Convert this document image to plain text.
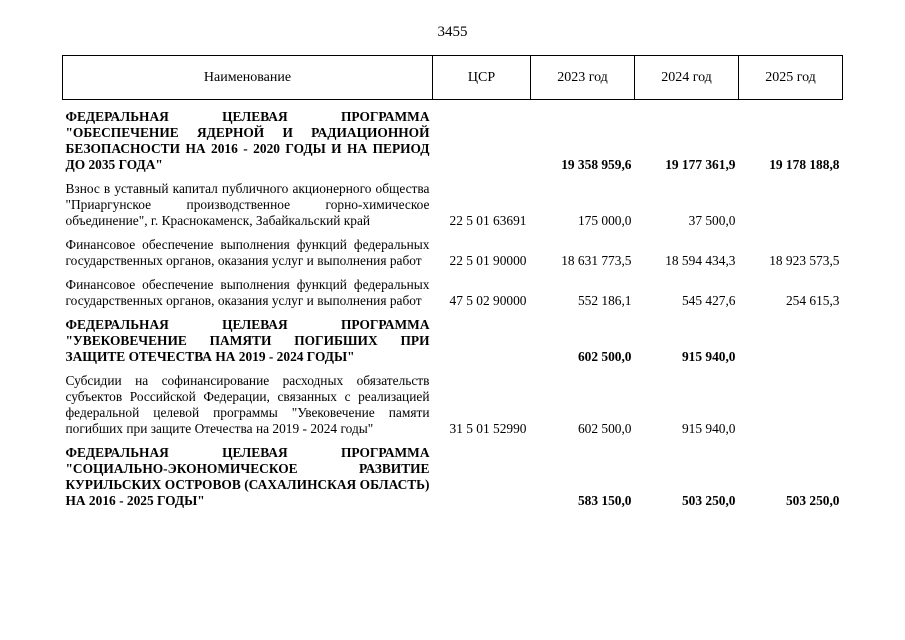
3455
Наименование	ЦСР	2023 год	2024 год	2025 год
ФЕДЕРАЛЬНАЯ ЦЕЛЕВАЯ ПРОГРАММА "ОБЕСПЕЧЕНИЕ ЯДЕРНОЙ И РАДИАЦИОННОЙ БЕЗОПАСНОСТИ НА 2016 - 2020 ГОДЫ И НА ПЕРИОД ДО 2035 ГОДА"		19 358 959,6	19 177 361,9	19 178 188,8
Взнос в уставный капитал публичного акционерного общества "Приаргунское производственное горно-химическое объединение", г. Краснокаменск, Забайкальский край	22 5 01 63691	175 000,0	37 500,0	
Финансовое обеспечение выполнения функций федеральных государственных органов, оказания услуг и выполнения работ	22 5 01 90000	18 631 773,5	18 594 434,3	18 923 573,5
Финансовое обеспечение выполнения функций федеральных государственных органов, оказания услуг и выполнения работ	47 5 02 90000	552 186,1	545 427,6	254 615,3
ФЕДЕРАЛЬНАЯ ЦЕЛЕВАЯ ПРОГРАММА "УВЕКОВЕЧЕНИЕ ПАМЯТИ ПОГИБШИХ ПРИ ЗАЩИТЕ ОТЕЧЕСТВА НА 2019 - 2024 ГОДЫ"		602 500,0	915 940,0	
Субсидии на софинансирование расходных обязательств субъектов Российской Федерации, связанных с реализацией федеральной целевой программы "Увековечение памяти погибших при защите Отечества на 2019 - 2024 годы"	31 5 01 52990	602 500,0	915 940,0	
ФЕДЕРАЛЬНАЯ ЦЕЛЕВАЯ ПРОГРАММА "СОЦИАЛЬНО-ЭКОНОМИЧЕСКОЕ РАЗВИТИЕ КУРИЛЬСКИХ ОСТРОВОВ (САХАЛИНСКАЯ ОБЛАСТЬ) НА 2016 - 2025 ГОДЫ"		583 150,0	503 250,0	503 250,0
